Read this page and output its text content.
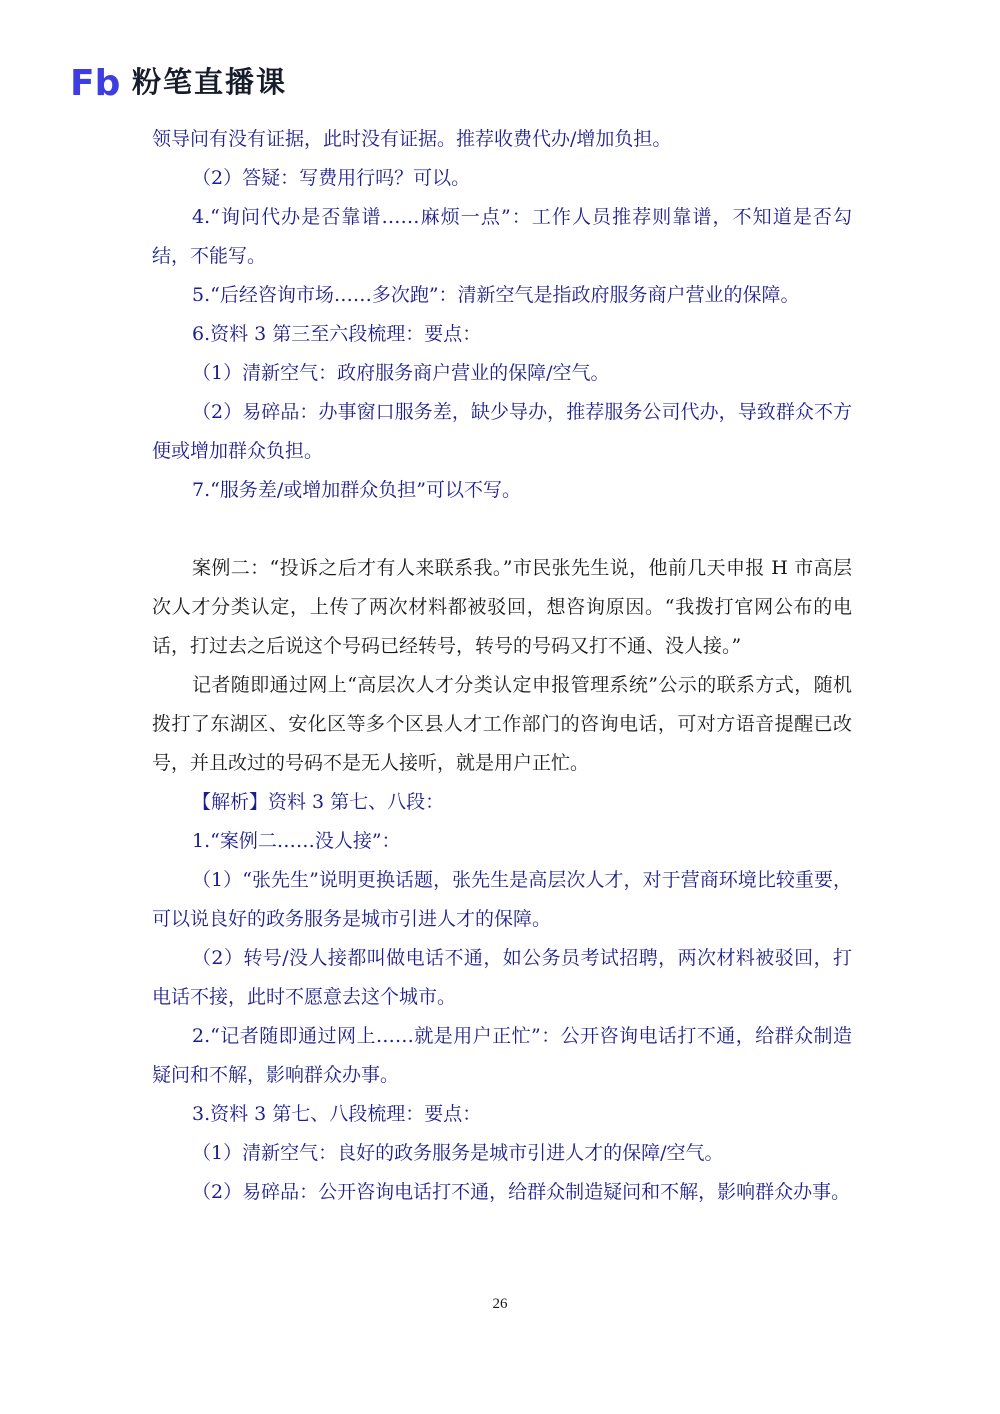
Fb 粉笔直播课

领导问有没有证据，此时没有证据。推荐收费代办/增加负担。

（2）答疑：写费用行吗？可以。

4.“询问代办是否靠谱……麻烦一点”：工作人员推荐则靠谱，不知道是否勾结，不能写。

5.“后经咨询市场……多次跑”：清新空气是指政府服务商户营业的保障。

6.资料 3 第三至六段梳理：要点：

（1）清新空气：政府服务商户营业的保障/空气。

（2）易碎品：办事窗口服务差，缺少导办，推荐服务公司代办，导致群众不方便或增加群众负担。

7.“服务差/或增加群众负担”可以不写。

案例二：“投诉之后才有人来联系我。”市民张先生说，他前几天申报 H 市高层次人才分类认定，上传了两次材料都被驳回，想咨询原因。“我拨打官网公布的电话，打过去之后说这个号码已经转号，转号的号码又打不通、没人接。”

记者随即通过网上“高层次人才分类认定申报管理系统”公示的联系方式，随机拨打了东湖区、安化区等多个区县人才工作部门的咨询电话，可对方语音提醒已改号，并且改过的号码不是无人接听，就是用户正忙。

【解析】资料 3 第七、八段：

1.“案例二……没人接”：

（1）“张先生”说明更换话题，张先生是高层次人才，对于营商环境比较重要，可以说良好的政务服务是城市引进人才的保障。

（2）转号/没人接都叫做电话不通，如公务员考试招聘，两次材料被驳回，打电话不接，此时不愿意去这个城市。

2.“记者随即通过网上……就是用户正忙”：公开咨询电话打不通，给群众制造疑问和不解，影响群众办事。

3.资料 3 第七、八段梳理：要点：

（1）清新空气：良好的政务服务是城市引进人才的保障/空气。

（2）易碎品：公开咨询电话打不通，给群众制造疑问和不解，影响群众办事。

26
